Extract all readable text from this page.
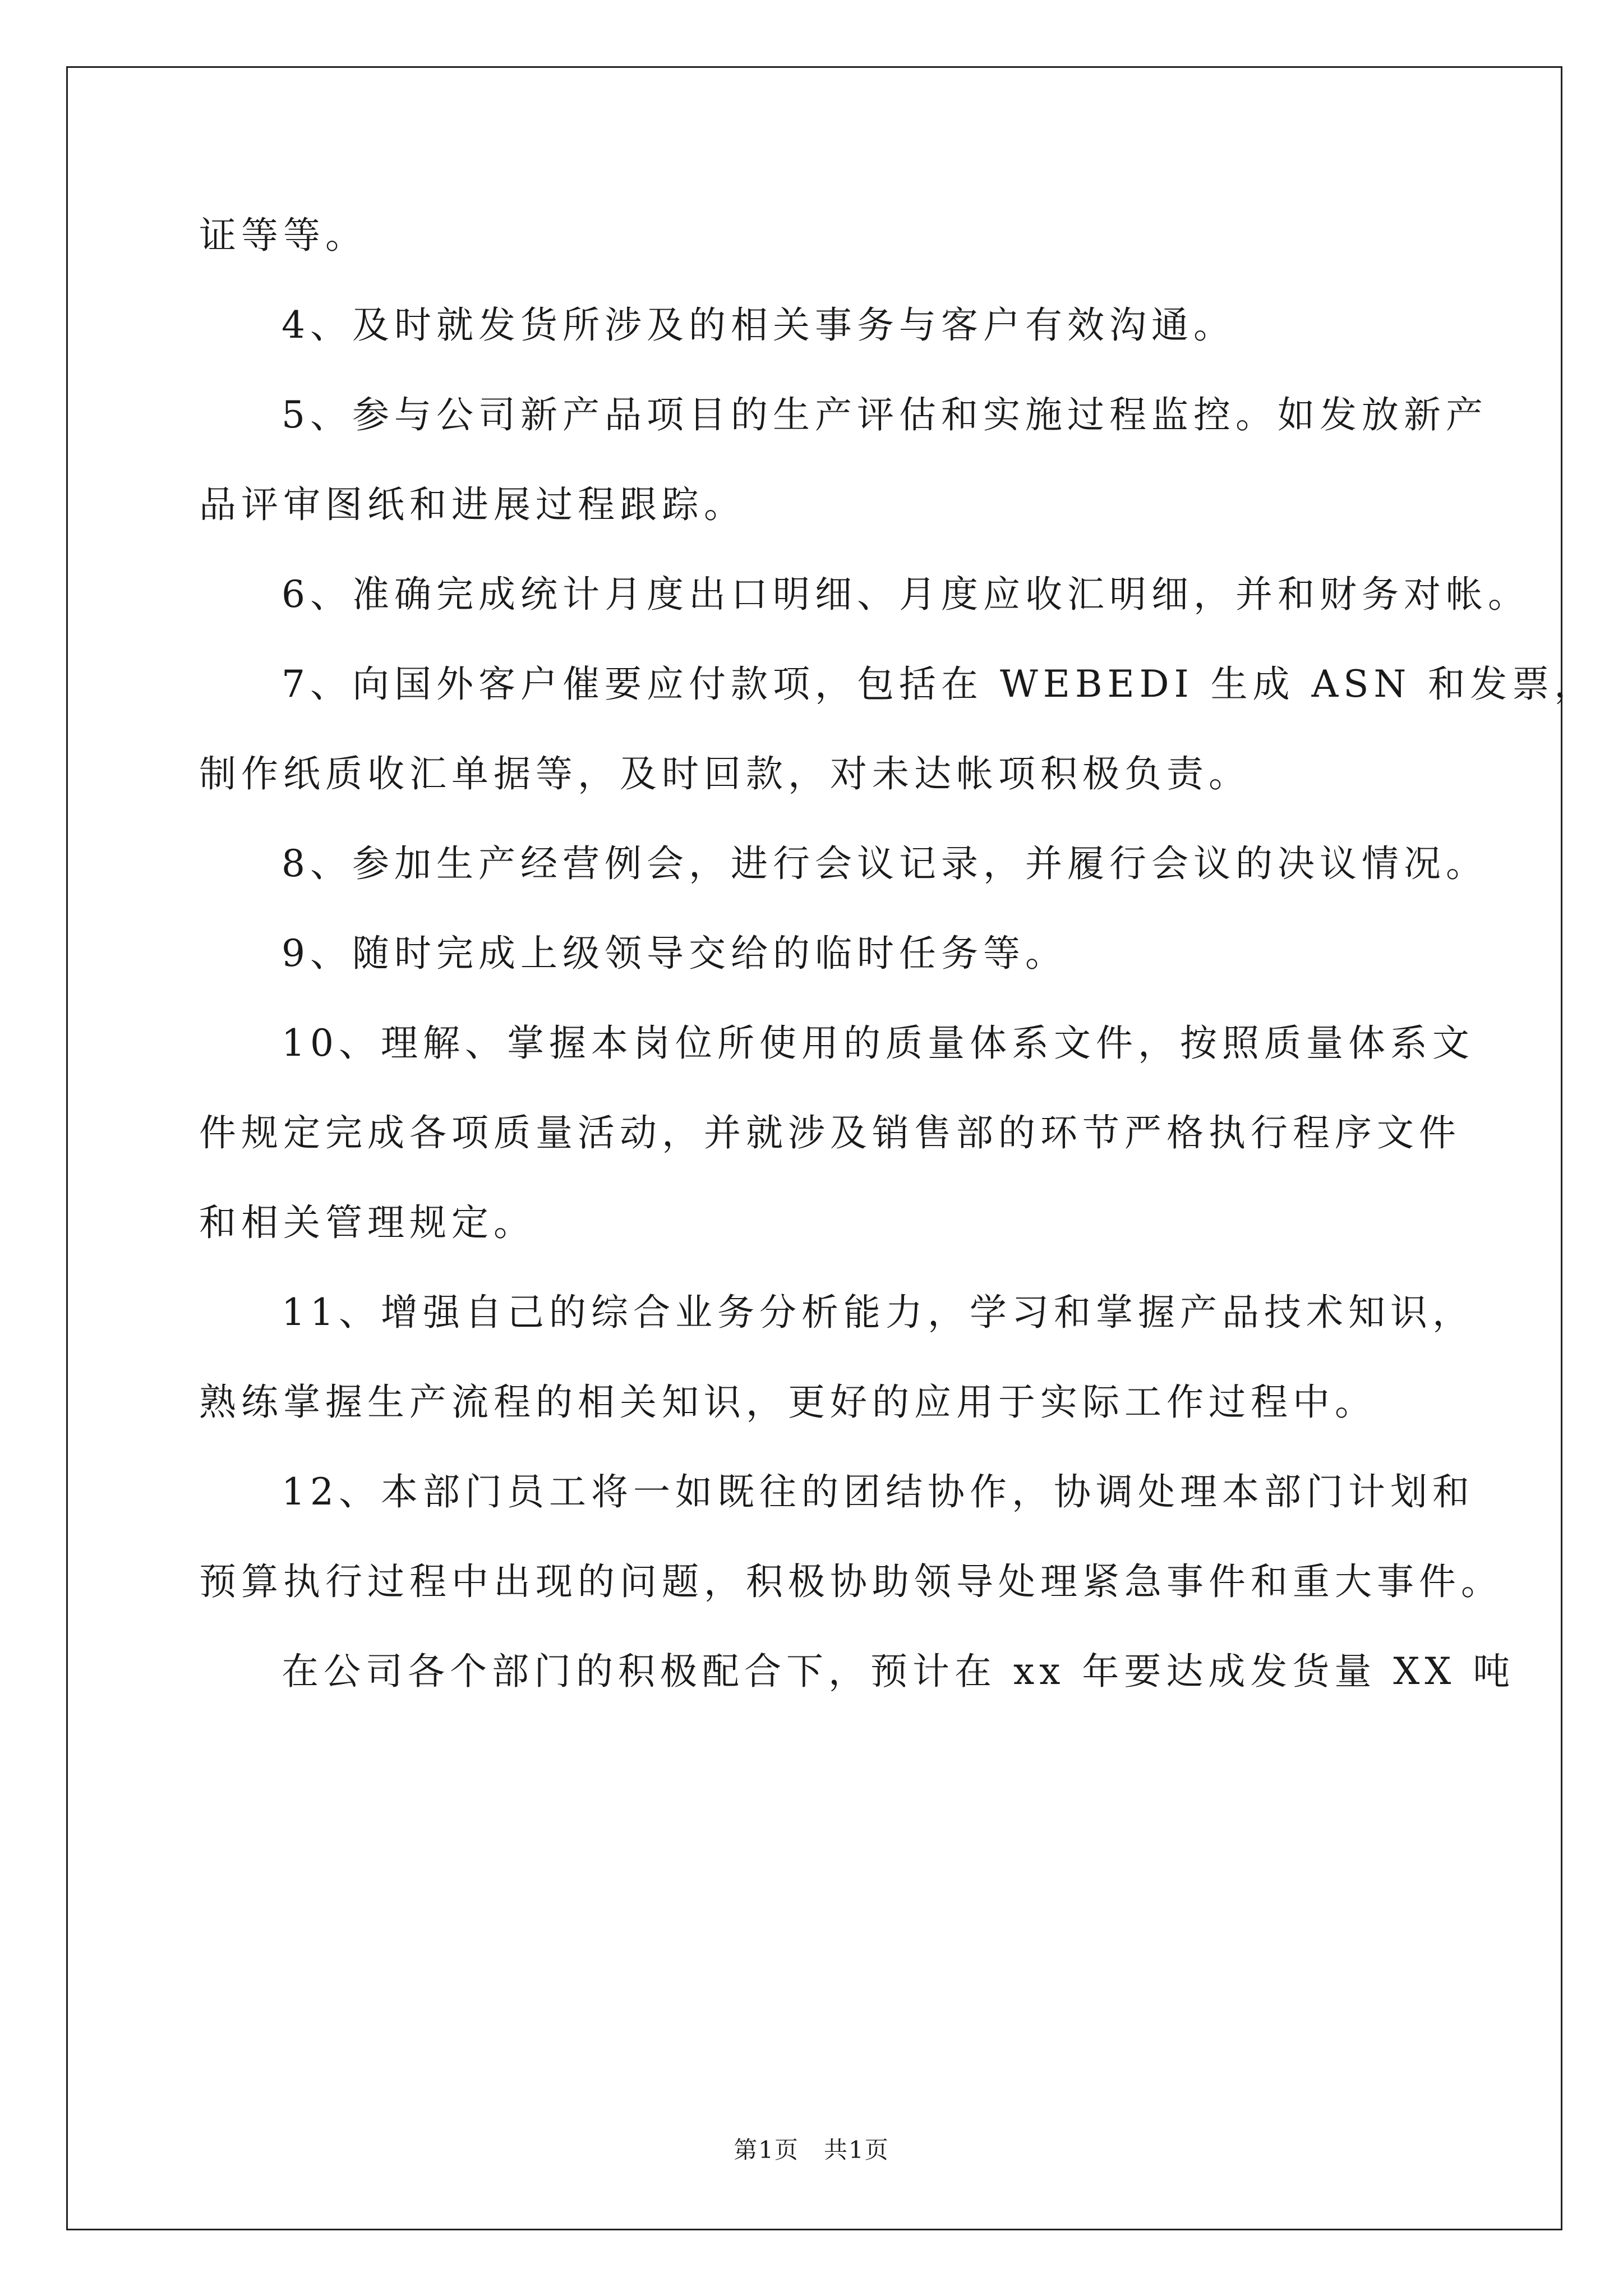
证等等。
4、及时就发货所涉及的相关事务与客户有效沟通。
5、参与公司新产品项目的生产评估和实施过程监控。如发放新产
品评审图纸和进展过程跟踪。
6、准确完成统计月度出口明细、月度应收汇明细，并和财务对帐。
7、向国外客户催要应付款项，包括在 WEBEDI 生成 ASN 和发票，
制作纸质收汇单据等，及时回款，对未达帐项积极负责。
8、参加生产经营例会，进行会议记录，并履行会议的决议情况。
9、随时完成上级领导交给的临时任务等。
10、理解、掌握本岗位所使用的质量体系文件，按照质量体系文
件规定完成各项质量活动，并就涉及销售部的环节严格执行程序文件
和相关管理规定。
11、增强自己的综合业务分析能力，学习和掌握产品技术知识，
熟练掌握生产流程的相关知识，更好的应用于实际工作过程中。
12、本部门员工将一如既往的团结协作，协调处理本部门计划和
预算执行过程中出现的问题，积极协助领导处理紧急事件和重大事件。
在公司各个部门的积极配合下，预计在 xx 年要达成发货量 XX 吨
第1页　共1页
